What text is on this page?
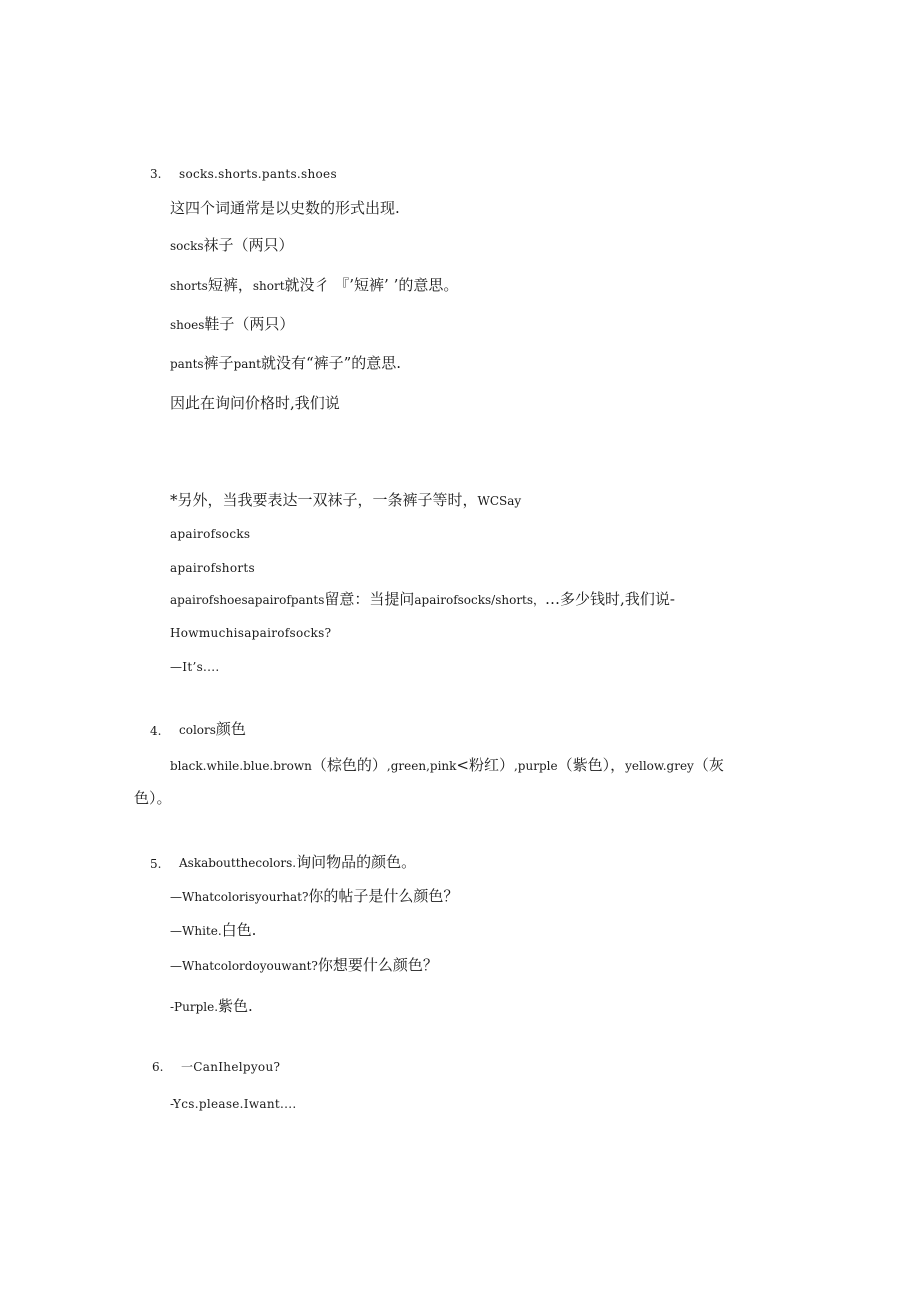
3. socks.shorts.pants.shoes
这四个词通常是以史数的形式出现.
socks袜子（两只）
shorts短裤，short就没彳 『’短裤’ ’的意思。
shoes鞋子（两只）
pants裤子pant就没有“裤子”的意思.
因此在询问价格时,我们说
*另外，当我要表达一双袜子，一条裤子等时，WCSay
apairofsocks
apairofshorts
apairofshoesapairofpants留意：当提问apairofsocks/shorts，…多少钱时,我们说-
Howmuchisapairofsocks?
—It’s....
4. colors颜色
black.while.blue.brown（棕色的）,green,pink<粉红）,purple（紫色），yellow.grey（灰
色）。
5. Askaboutthecolors.询问物品的颜色。
—Whatcolorisyourhat?你的帖子是什么颜色？
—White.白色.
—Whatcolordoyouwant?你想要什么颜色？
-Purple.紫色.
6. 一CanIhelpyou?
-Ycs.please.Iwant....
